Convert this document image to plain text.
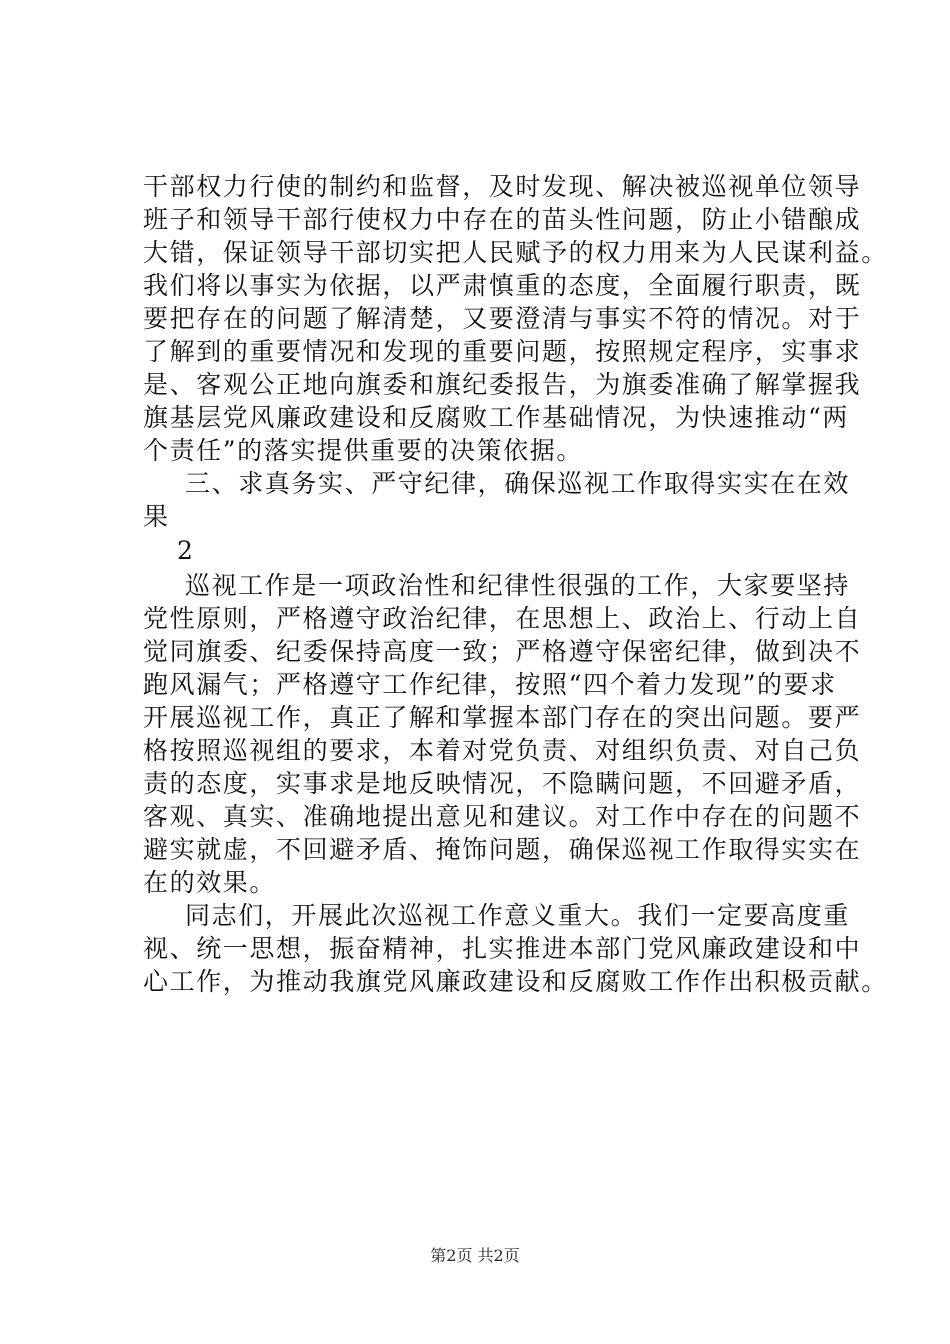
干部权力行使的制约和监督，及时发现、解决被巡视单位领导
班子和领导干部行使权力中存在的苗头性问题，防止小错酿成
大错，保证领导干部切实把人民赋予的权力用来为人民谋利益。
我们将以事实为依据，以严肃慎重的态度，全面履行职责，既
要把存在的问题了解清楚，又要澄清与事实不符的情况。对于
了解到的重要情况和发现的重要问题，按照规定程序，实事求
是、客观公正地向旗委和旗纪委报告，为旗委准确了解掌握我
旗基层党风廉政建设和反腐败工作基础情况，为快速推动“两
个责任”的落实提供重要的决策依据。
三、求真务实、严守纪律，确保巡视工作取得实实在在效
果
2
巡视工作是一项政治性和纪律性很强的工作，大家要坚持
党性原则，严格遵守政治纪律，在思想上、政治上、行动上自
觉同旗委、纪委保持高度一致；严格遵守保密纪律，做到决不
跑风漏气；严格遵守工作纪律，按照“四个着力发现”的要求
开展巡视工作，真正了解和掌握本部门存在的突出问题。要严
格按照巡视组的要求，本着对党负责、对组织负责、对自己负
责的态度，实事求是地反映情况，不隐瞒问题，不回避矛盾，
客观、真实、准确地提出意见和建议。对工作中存在的问题不
避实就虚，不回避矛盾、掩饰问题，确保巡视工作取得实实在
在的效果。
同志们，开展此次巡视工作意义重大。我们一定要高度重
视、统一思想，振奋精神，扎实推进本部门党风廉政建设和中
心工作，为推动我旗党风廉政建设和反腐败工作作出积极贡献。
第2页 共2页
